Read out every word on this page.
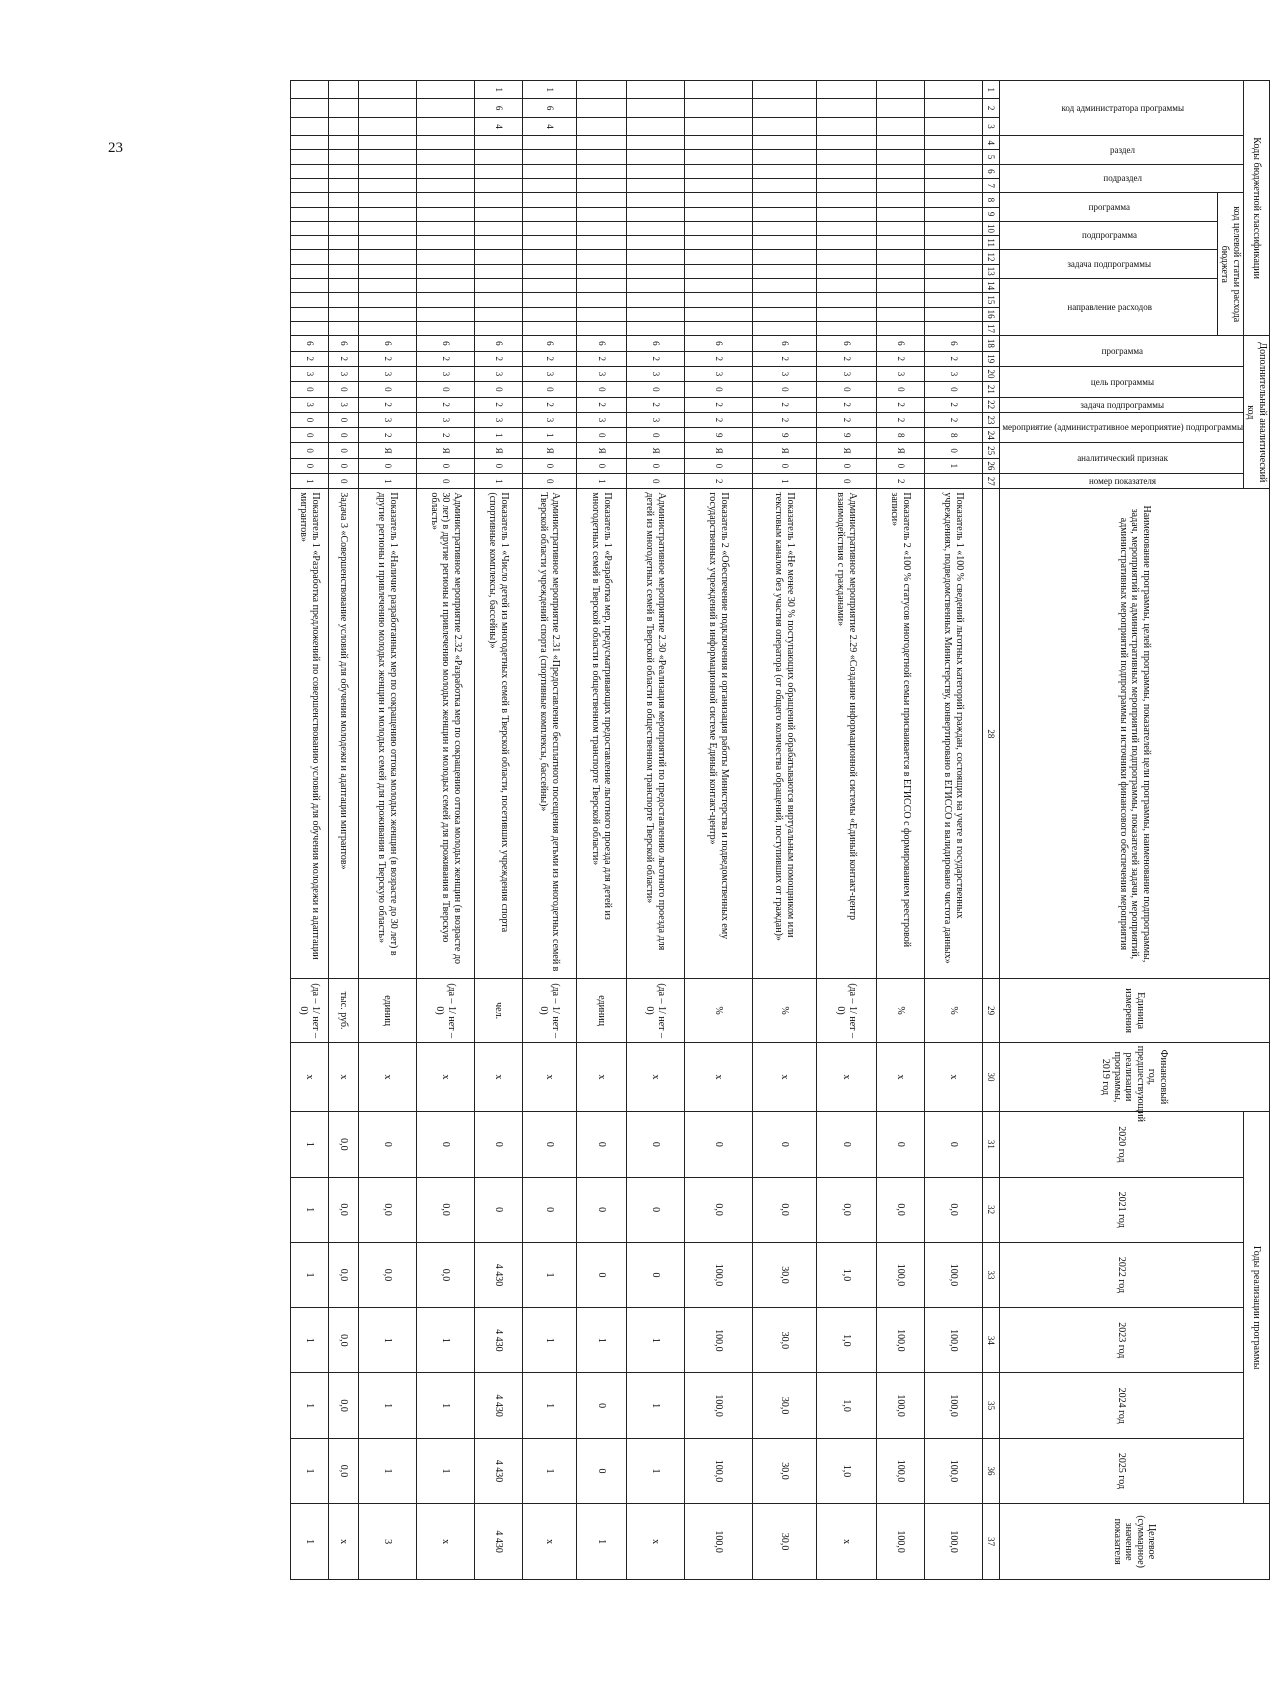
23	Коды бюджетной классификации																	Дополнительный аналитический код										Наименование программы, целей программы, показателей цели программы, наименование подпрограммы, задач, мероприятий и административных мероприятий подпрограммы, показателей задачи, мероприятий, административных мероприятий подпрограммы и источники финансового обеспечения мероприятия	Единица измерения	Финансовый год, предшествующий реализации программы, 2019 год	Годы реализации программы						Целевое (суммарное) значение показателя
код администратора программы			раздел		подраздел		код целевой статьи расхода бюджета										программа		цель программы		задача подпрограммы	мероприятие (административное мероприятие) подпрограммы		аналитический признак		номер показателя				2020 год	2021 год	2022 год	2023 год	2024 год	2025 год	
							программа		подпрограмма		задача подпрограммы		направление расходов																							
1	2	3	4	5	6	7	8	9	10	11	12	13	14	15	16	17	18	19	20	21	22	23	24	25	26	27	28	29	30	31	32	33	34	35	36	37
																	6	2	3	0	2	2	8	0	1		Показатель 1 «100 % сведений льготных категорий граждан, состоящих на учете в государственных учреждениях, подведомственных Министерству, конвертировано в ЕГИССО и валидировано чистота данных»	%	х	0	0,0	100,0	100,0	100,0	100,0	100,0
																	6	2	3	0	2	2	8	Я	0	2	Показатель 2 «100 % статусов многодетной семьи присваивается в ЕГИССО с формированием реестровой записи»	%	х	0	0,0	100,0	100,0	100,0	100,0	100,0
																	6	2	3	0	2	2	9	Я	0	0	Административное мероприятие 2.29 «Создание информационной системы «Единый контакт-центр взаимодействия с гражданами»	(да – 1/ нет – 0)	х	0	0,0	1,0	1,0	1,0	1,0	х
																	6	2	3	0	2	2	9	Я	0	1	Показатель 1 «Не менее 30 % поступающих обращений обрабатываются виртуальным помощником или текстовым каналом без участия оператора (от общего количества обращений, поступивших от граждан)»	%	х	0	0,0	30,0	30,0	30,0	30,0	30,0
																	6	2	3	0	2	2	9	Я	0	2	Показатель 2 «Обеспечение подключения и организация работы Министерства и подведомственных ему государственных учреждений в информационной системе Единый контакт-центр»	%	х	0	0,0	100,0	100,0	100,0	100,0	100,0
																	6	2	3	0	2	3	0	Я	0	0	Административное мероприятие 2.30 «Реализация мероприятий по предоставлению льготного проезда для детей из многодетных семей в Тверской области в общественном транспорте Тверской области»	(да – 1/ нет – 0)	х	0	0	0	1	1	1	х
																	6	2	3	0	2	3	0	Я	0	1	Показатель 1 «Разработка мер, предусматривающих предоставление льготного проезда для детей из многодетных семей в Тверской области в общественном транспорте Тверской области»	единиц	х	0	0	0	1	0	0	1
1	6	4															6	2	3	0	2	3	1	Я	0	0	Административное мероприятие 2.31 «Предоставление бесплатного посещения детьми из многодетных семей в Тверской области учреждений спорта (спортивные комплексы, бассейны)»	(да – 1/ нет – 0)	х	0	0	1	1	1	1	х
1	6	4															6	2	3	0	2	3	1	Я	0	1	Показатель 1 «Число детей из многодетных семей в Тверской области, посетивших учреждения спорта (спортивные комплексы, бассейны)»	чел.	х	0	0	4 430	4 430	4 430	4 430	4 430
																	6	2	3	0	2	3	2	Я	0	0	Административное мероприятие 2.32 «Разработка мер по сокращению оттока молодых женщин (в возрасте до 30 лет) в другие регионы и привлечению молодых женщин и молодых семей для проживания в Тверскую область»	(да – 1/ нет – 0)	х	0	0,0	0,0	1	1	1	х
																	6	2	3	0	2	3	2	Я	0	1	Показатель 1 «Наличие разработанных мер по сокращению оттока молодых женщин (в возрасте до 30 лет) в другие регионы и привлечению молодых женщин и молодых семей для проживания в Тверскую область»	единиц	х	0	0,0	0,0	1	1	1	3
																	6	2	3	0	3	0	0	0	0	0	Задача 3 «Совершенствование условий для обучения молодежи и адаптации мигрантов»	тыс. руб.	х	0,0	0,0	0,0	0,0	0,0	0,0	х
																	6	2	3	0	3	0	0	0	0	1	Показатель 1 «Разработка предложений по совершенствованию условий для обучения молодежи и адаптации мигрантов»	(да – 1/ нет – 0)	х	1	1	1	1	1	1	1
